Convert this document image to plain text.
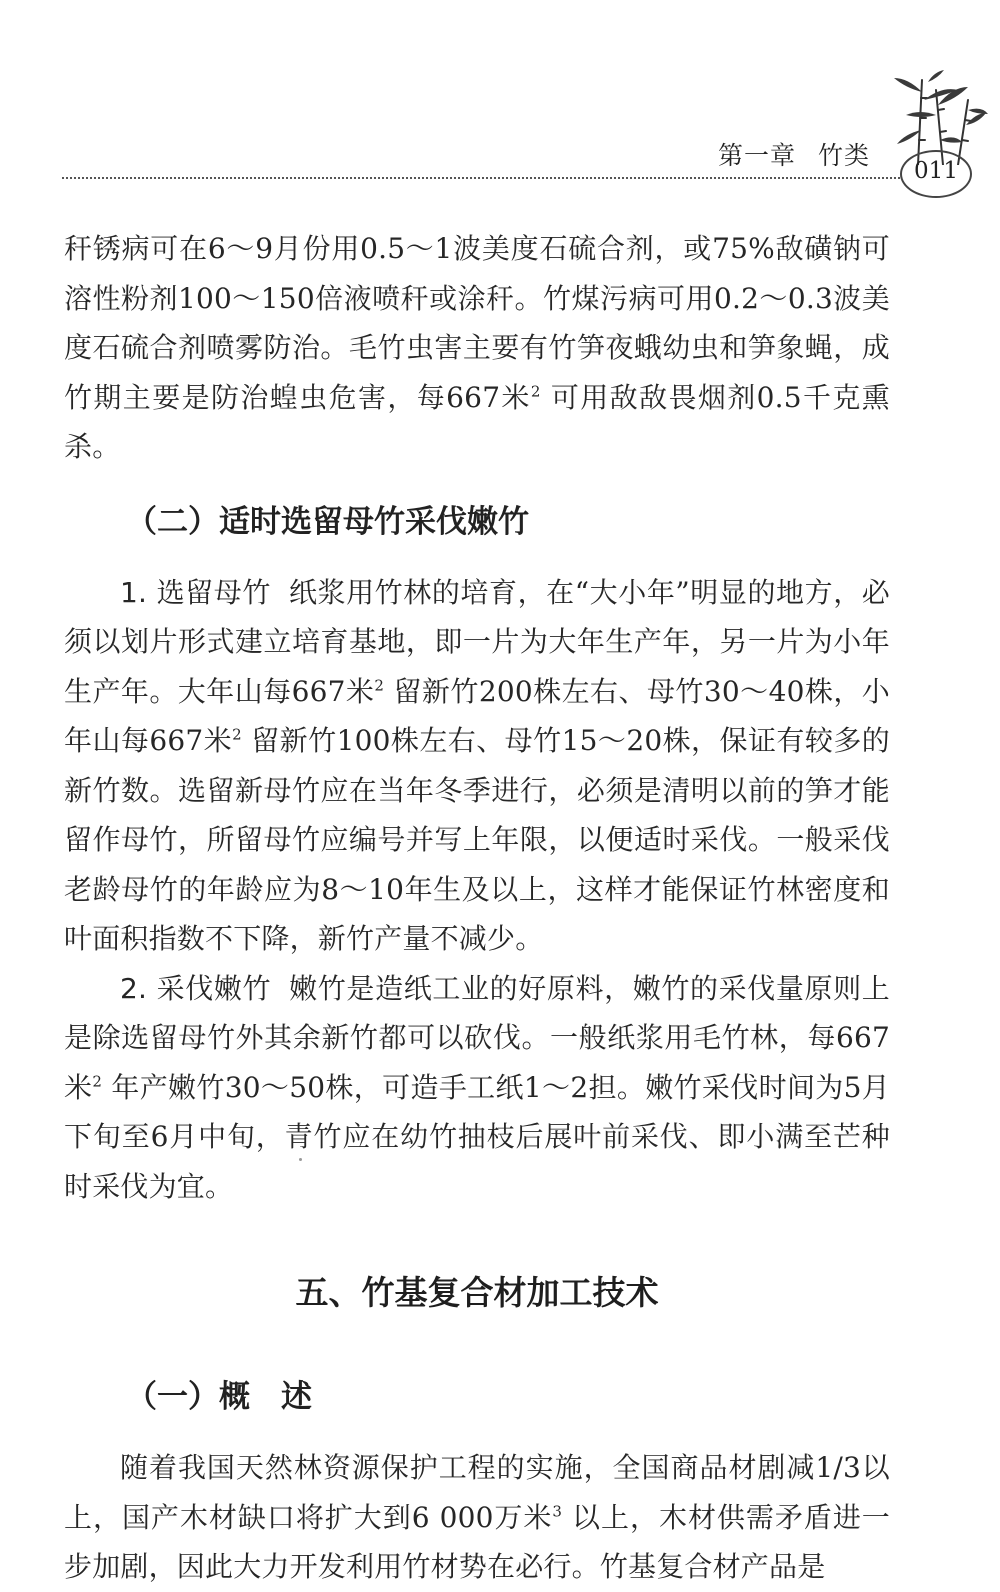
第一章 竹类
011

秆锈病可在6～9月份用0.5～1波美度石硫合剂，或75%敌磺钠可溶性粉剂100～150倍液喷秆或涂秆。竹煤污病可用0.2～0.3波美度石硫合剂喷雾防治。毛竹虫害主要有竹笋夜蛾幼虫和笋象蝇，成竹期主要是防治蝗虫危害，每667米$^2$ 可用敌敌畏烟剂0.5千克熏杀。

（二）适时选留母竹采伐嫩竹

1. 选留母竹 纸浆用竹林的培育，在“大小年”明显的地方，必须以划片形式建立培育基地，即一片为大年生产年，另一片为小年生产年。大年山每667米$^2$ 留新竹200株左右、母竹30～40株，小年山每667米$^2$ 留新竹100株左右、母竹15～20株，保证有较多的新竹数。选留新母竹应在当年冬季进行，必须是清明以前的笋才能留作母竹，所留母竹应编号并写上年限，以便适时采伐。一般采伐老龄母竹的年龄应为8～10年生及以上，这样才能保证竹林密度和叶面积指数不下降，新竹产量不减少。

2. 采伐嫩竹 嫩竹是造纸工业的好原料，嫩竹的采伐量原则上是除选留母竹外其余新竹都可以砍伐。一般纸浆用毛竹林，每667米$^2$ 年产嫩竹30～50株，可造手工纸1～2担。嫩竹采伐时间为5月下旬至6月中旬，青竹应在幼竹抽枝后展叶前采伐、即小满至芒种时采伐为宜。

五、竹基复合材加工技术
（一）概　述

随着我国天然林资源保护工程的实施，全国商品材剧减1/3以上，国产木材缺口将扩大到6 000万米$^3$ 以上，木材供需矛盾进一步加剧，因此大力开发利用竹材势在必行。竹基复合材产品是
